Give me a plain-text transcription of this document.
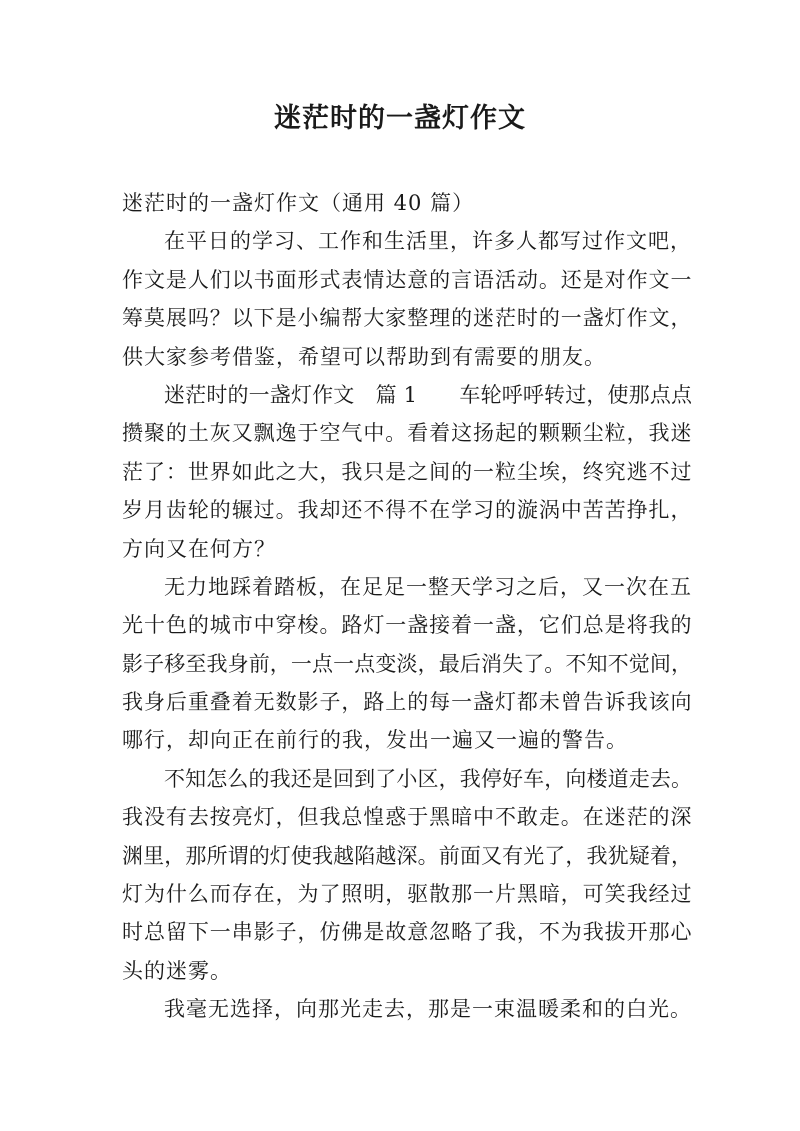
迷茫时的一盏灯作文
迷茫时的一盏灯作文（通用 40 篇）
在平日的学习、工作和生活里，许多人都写过作文吧，
作文是人们以书面形式表情达意的言语活动。还是对作文一
筹莫展吗？以下是小编帮大家整理的迷茫时的一盏灯作文，
供大家参考借鉴，希望可以帮助到有需要的朋友。
迷茫时的一盏灯作文　篇 1　　车轮呼呼转过，使那点点
攒聚的土灰又飘逸于空气中。看着这扬起的颗颗尘粒，我迷
茫了：世界如此之大，我只是之间的一粒尘埃，终究逃不过
岁月齿轮的辗过。我却还不得不在学习的漩涡中苦苦挣扎，
方向又在何方？
无力地踩着踏板，在足足一整天学习之后，又一次在五
光十色的城市中穿梭。路灯一盏接着一盏，它们总是将我的
影子移至我身前，一点一点变淡，最后消失了。不知不觉间，
我身后重叠着无数影子，路上的每一盏灯都未曾告诉我该向
哪行，却向正在前行的我，发出一遍又一遍的警告。
不知怎么的我还是回到了小区，我停好车，向楼道走去。
我没有去按亮灯，但我总惶惑于黑暗中不敢走。在迷茫的深
渊里，那所谓的灯使我越陷越深。前面又有光了，我犹疑着，
灯为什么而存在，为了照明，驱散那一片黑暗，可笑我经过
时总留下一串影子，仿佛是故意忽略了我，不为我拔开那心
头的迷雾。
我毫无选择，向那光走去，那是一束温暖柔和的白光。
